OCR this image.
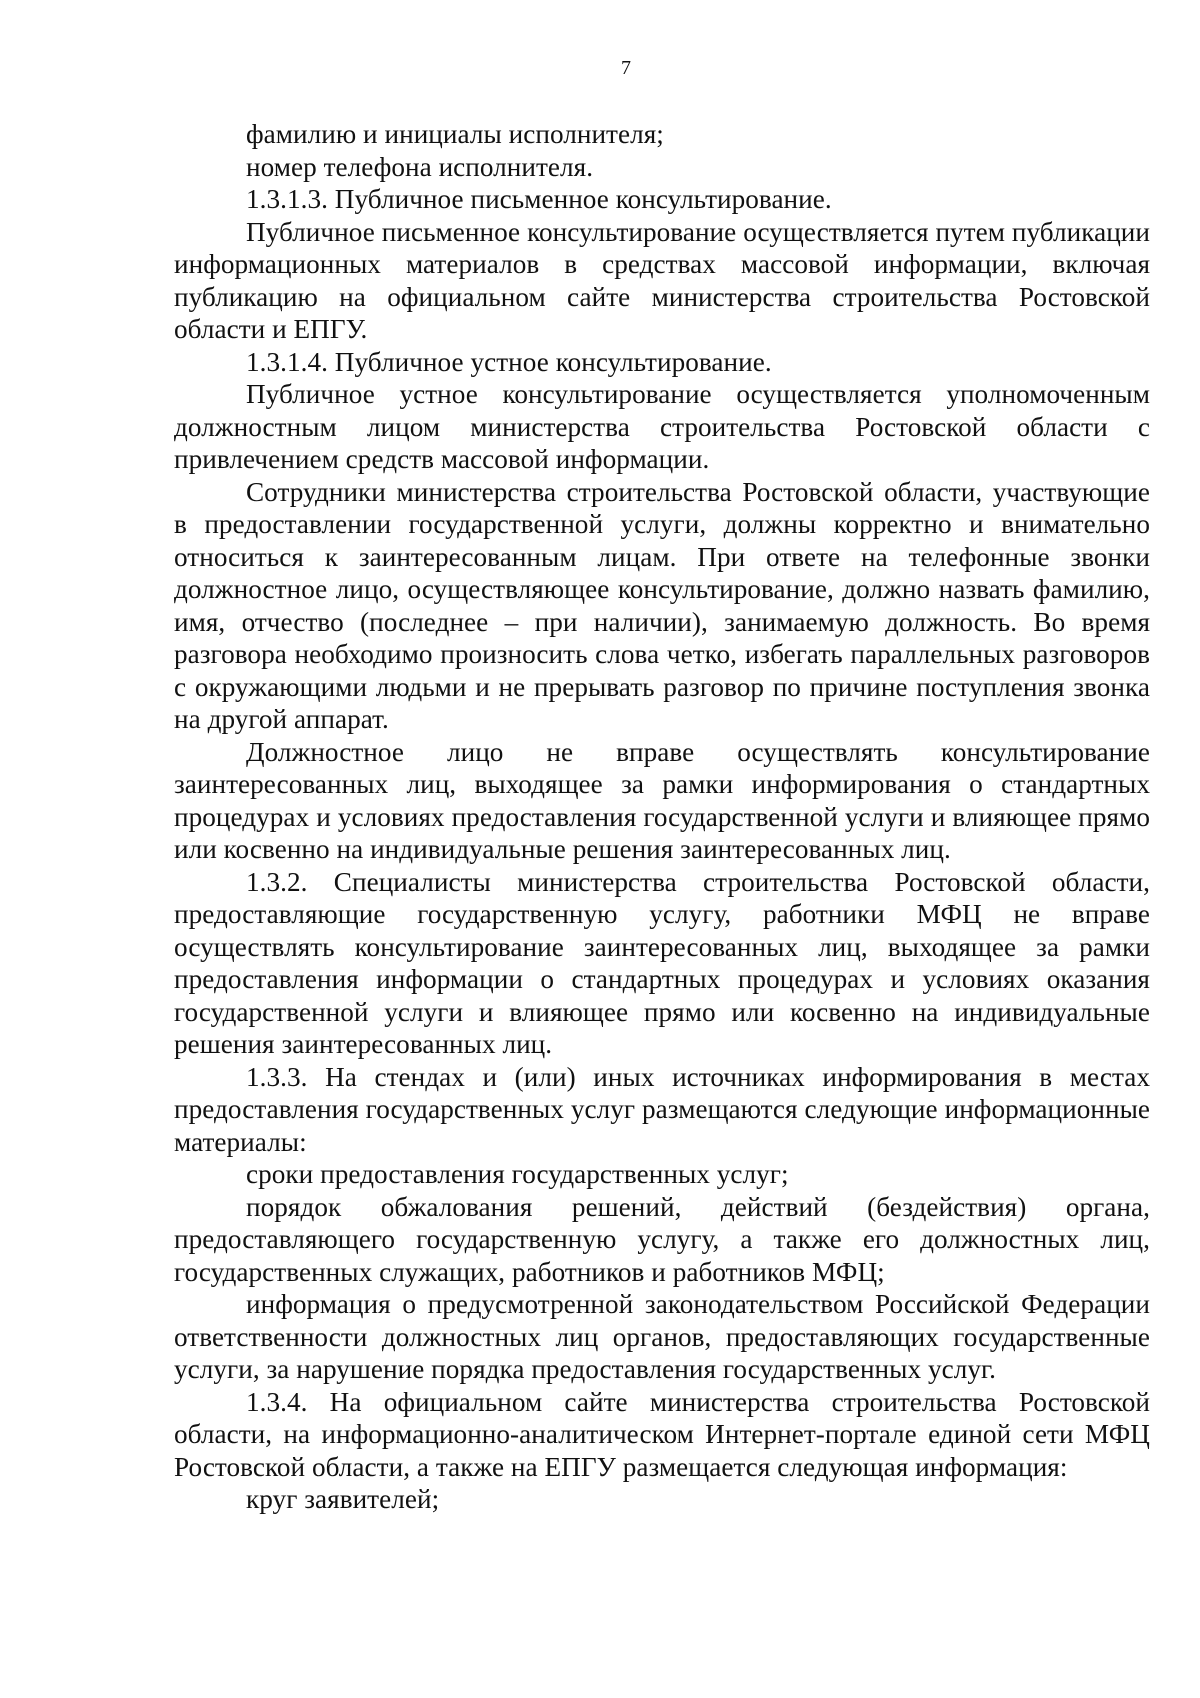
7

фамилию и инициалы исполнителя;

номер телефона исполнителя.

1.3.1.3. Публичное письменное консультирование.

Публичное письменное консультирование осуществляется путем публикации информационных материалов в средствах массовой информации, включая публикацию на официальном сайте министерства строительства Ростовской области и ЕПГУ.

1.3.1.4. Публичное устное консультирование.

Публичное устное консультирование осуществляется уполномоченным должностным лицом министерства строительства Ростовской области с привлечением средств массовой информации.

Сотрудники министерства строительства Ростовской области, участвующие в предоставлении государственной услуги, должны корректно и внимательно относиться к заинтересованным лицам. При ответе на телефонные звонки должностное лицо, осуществляющее консультирование, должно назвать фамилию, имя, отчество (последнее – при наличии), занимаемую должность. Во время разговора необходимо произносить слова четко, избегать параллельных разговоров с окружающими людьми и не прерывать разговор по причине поступления звонка на другой аппарат.

Должностное лицо не вправе осуществлять консультирование заинтересованных лиц, выходящее за рамки информирования о стандартных процедурах и условиях предоставления государственной услуги и влияющее прямо или косвенно на индивидуальные решения заинтересованных лиц.

1.3.2. Специалисты министерства строительства Ростовской области, предоставляющие государственную услугу, работники МФЦ не вправе осуществлять консультирование заинтересованных лиц, выходящее за рамки предоставления информации о стандартных процедурах и условиях оказания государственной услуги и влияющее прямо или косвенно на индивидуальные решения заинтересованных лиц.

1.3.3. На стендах и (или) иных источниках информирования в местах предоставления государственных услуг размещаются следующие информационные материалы:

сроки предоставления государственных услуг;

порядок обжалования решений, действий (бездействия) органа, предоставляющего государственную услугу, а также его должностных лиц, государственных служащих, работников и работников МФЦ;

информация о предусмотренной законодательством Российской Федерации ответственности должностных лиц органов, предоставляющих государственные услуги, за нарушение порядка предоставления государственных услуг.

1.3.4. На официальном сайте министерства строительства Ростовской области, на информационно-аналитическом Интернет-портале единой сети МФЦ Ростовской области, а также на ЕПГУ размещается следующая информация:

круг заявителей;
